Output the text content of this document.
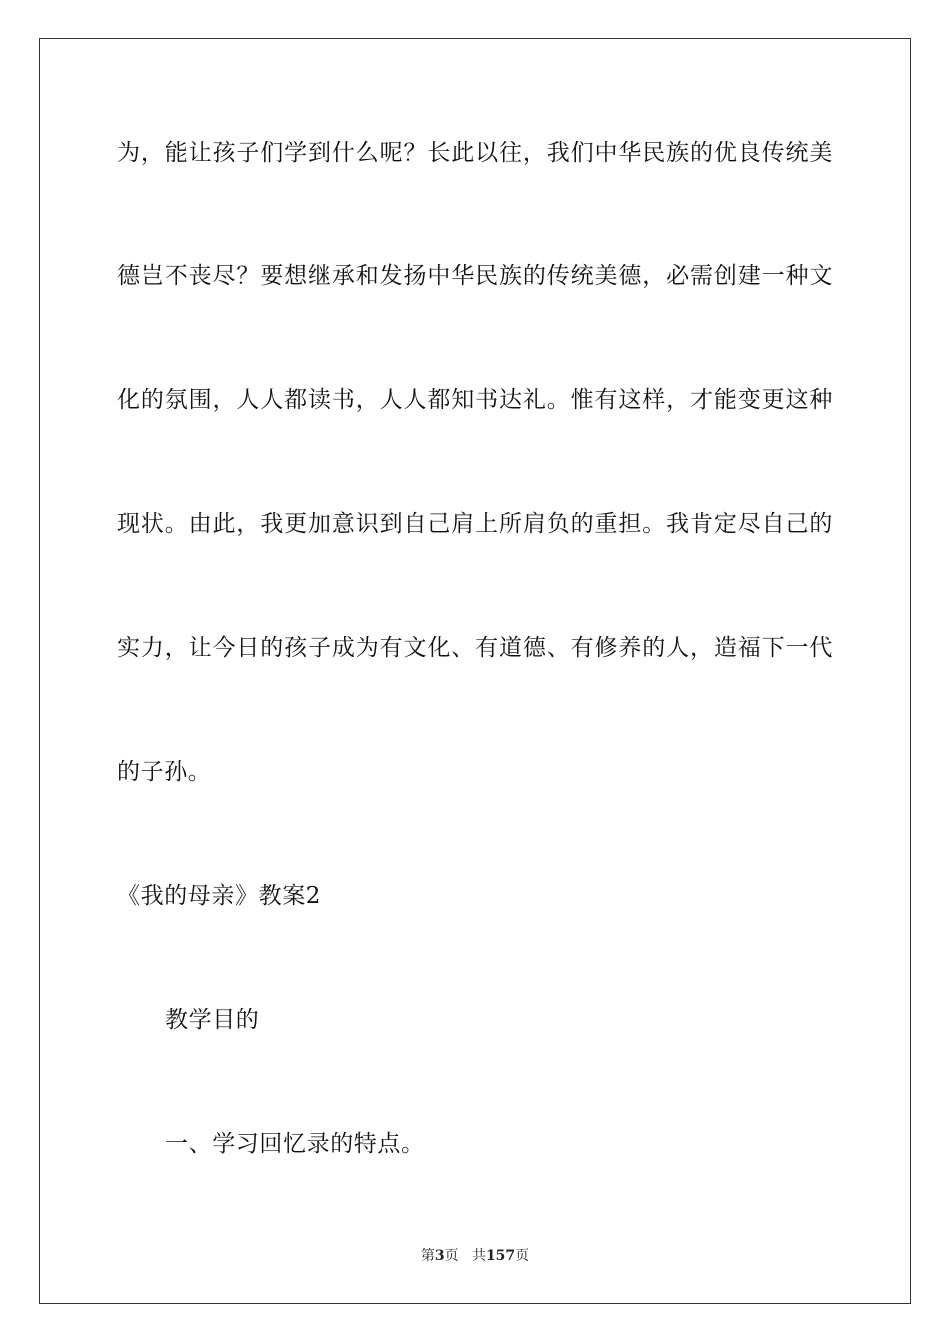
为，能让孩子们学到什么呢？长此以往，我们中华民族的优良传统美
德岂不丧尽？要想继承和发扬中华民族的传统美德，必需创建一种文
化的氛围，人人都读书，人人都知书达礼。惟有这样，才能变更这种
现状。由此，我更加意识到自己肩上所肩负的重担。我肯定尽自己的
实力，让今日的孩子成为有文化、有道德、有修养的人，造福下一代
的子孙。
《我的母亲》教案2
教学目的
一、学习回忆录的特点。
第3页 共157页
